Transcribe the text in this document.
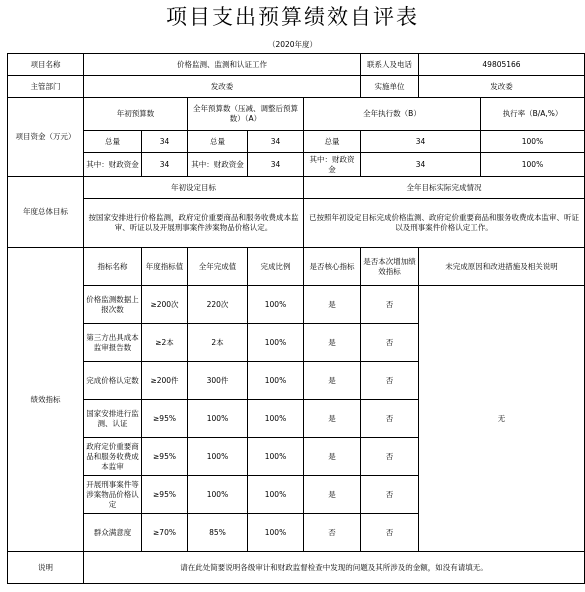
项目支出预算绩效自评表
（2020年度）
项目名称	价格监测、监测和认证工作					联系人及电话	49805166	
主管部门	发改委					实施单位	发改委	
项目资金（万元）	年初预算数		全年预算数（压减、调整后预算数）（A）		全年执行数（B）			执行率（B/A,%）
	总量	34	总量	34	总量	34		100%
	其中：财政资金	34	其中：财政资金	34	其中：财政资金	34		100%
年度总体目标	年初设定目标				全年目标实际完成情况			
	按国家安排进行价格监测，政府定价重要商品和服务收费成本监审、听证以及开展刑事案件涉案物品价格认定。				已按照年初设定目标完成价格监测、政府定价重要商品和服务收费成本监审、听证以及刑事案件价格认定工作。			
绩效指标	指标名称	年度指标值	全年完成值	完成比例	是否核心指标	是否本次增加绩效指标	未完成原因和改进措施及相关说明	
	价格监测数据上报次数	≥200次	220次	100%	是	否	无	
	第三方出具成本监审报告数	≥2本	2本	100%	是	否		
	完成价格认定数	≥200件	300件	100%	是	否		
	国家安排进行监测、认证	≥95%	100%	100%	是	否		
	政府定价重要商品和服务收费成本监审	≥95%	100%	100%	是	否		
	开展刑事案件等涉案物品价格认定	≥95%	100%	100%	是	否		
	群众满意度	≥70%	85%	100%	否	否		
说明	请在此处简要说明各级审计和财政监督检查中发现的问题及其所涉及的金额，如没有请填无。							
